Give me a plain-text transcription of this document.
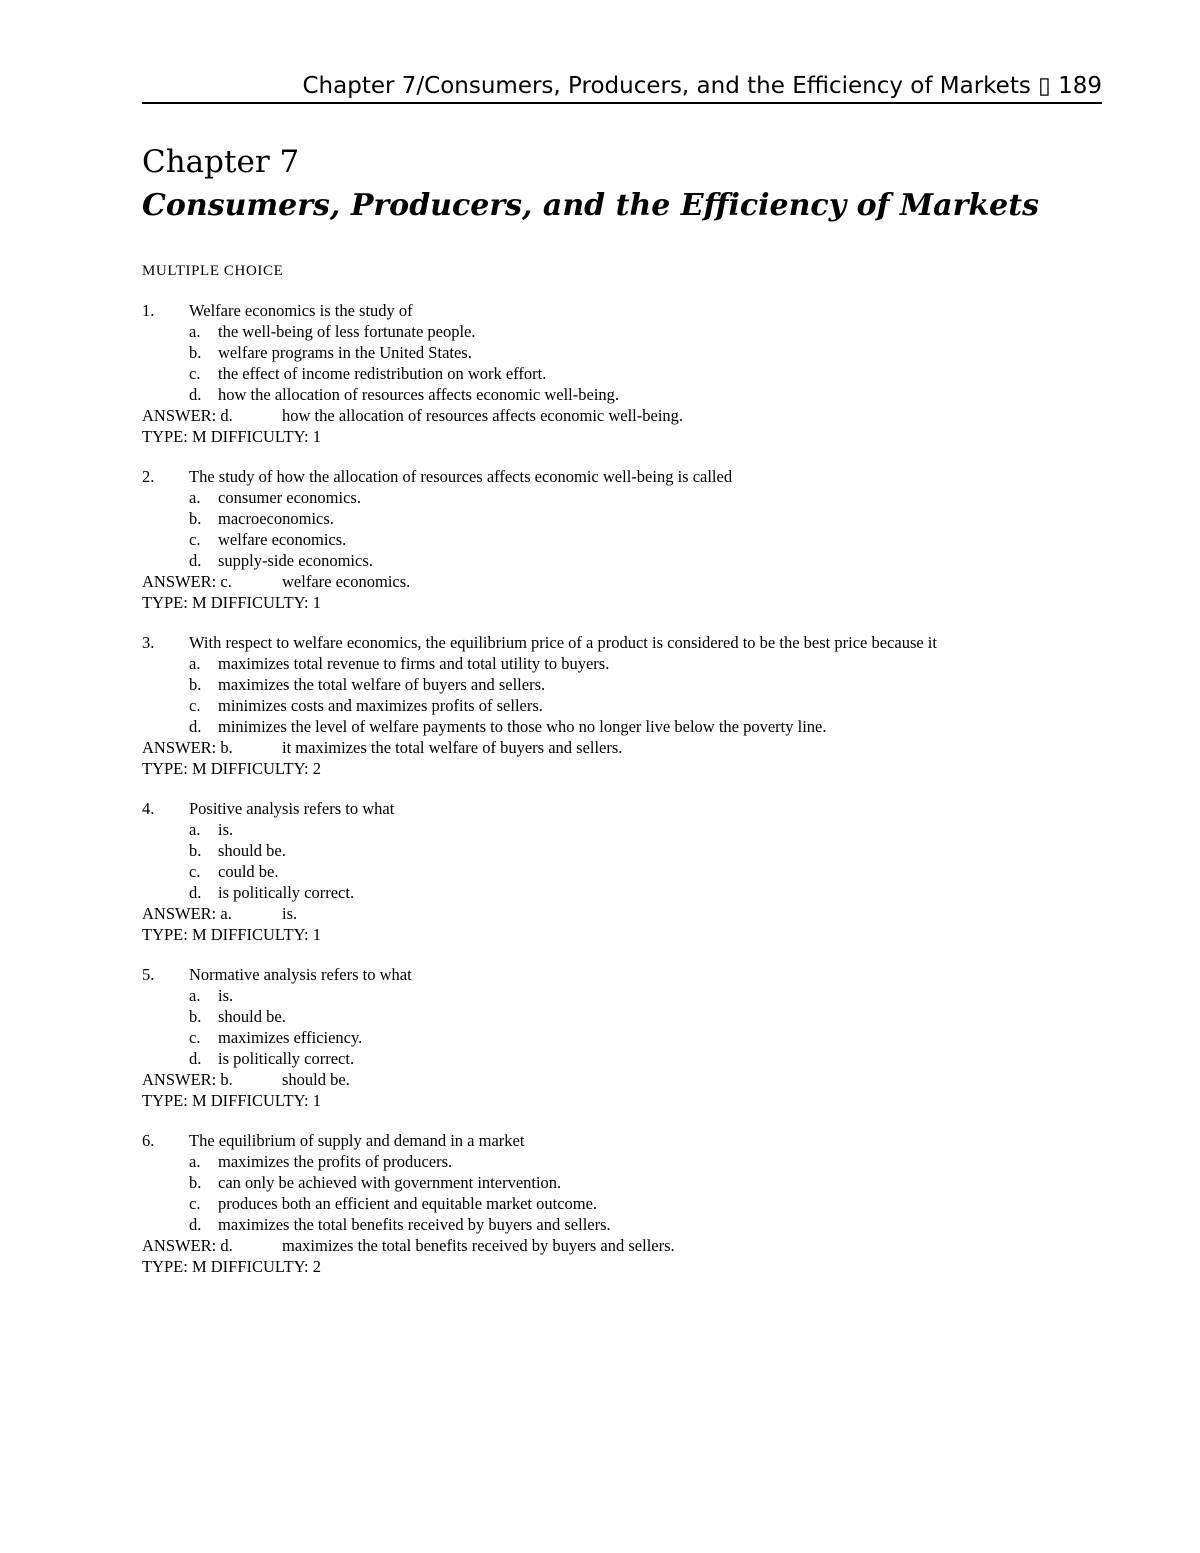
Chapter 7/Consumers, Producers, and the Efficiency of Markets ▯ 189
Chapter 7
Consumers, Producers, and the Efficiency of Markets
MULTIPLE CHOICE
1. Welfare economics is the study of
a. the well-being of less fortunate people.
b. welfare programs in the United States.
c. the effect of income redistribution on work effort.
d. how the allocation of resources affects economic well-being.
ANSWER: d.	how the allocation of resources affects economic well-being.
TYPE: M DIFFICULTY: 1
2. The study of how the allocation of resources affects economic well-being is called
a. consumer economics.
b. macroeconomics.
c. welfare economics.
d. supply-side economics.
ANSWER: c.	welfare economics.
TYPE: M DIFFICULTY: 1
3. With respect to welfare economics, the equilibrium price of a product is considered to be the best price because it
a. maximizes total revenue to firms and total utility to buyers.
b. maximizes the total welfare of buyers and sellers.
c. minimizes costs and maximizes profits of sellers.
d. minimizes the level of welfare payments to those who no longer live below the poverty line.
ANSWER: b.	it maximizes the total welfare of buyers and sellers.
TYPE: M DIFFICULTY: 2
4. Positive analysis refers to what
a. is.
b. should be.
c. could be.
d. is politically correct.
ANSWER: a.	is.
TYPE: M DIFFICULTY: 1
5. Normative analysis refers to what
a. is.
b. should be.
c. maximizes efficiency.
d. is politically correct.
ANSWER: b.	should be.
TYPE: M DIFFICULTY: 1
6. The equilibrium of supply and demand in a market
a. maximizes the profits of producers.
b. can only be achieved with government intervention.
c. produces both an efficient and equitable market outcome.
d. maximizes the total benefits received by buyers and sellers.
ANSWER: d.	maximizes the total benefits received by buyers and sellers.
TYPE: M DIFFICULTY: 2
